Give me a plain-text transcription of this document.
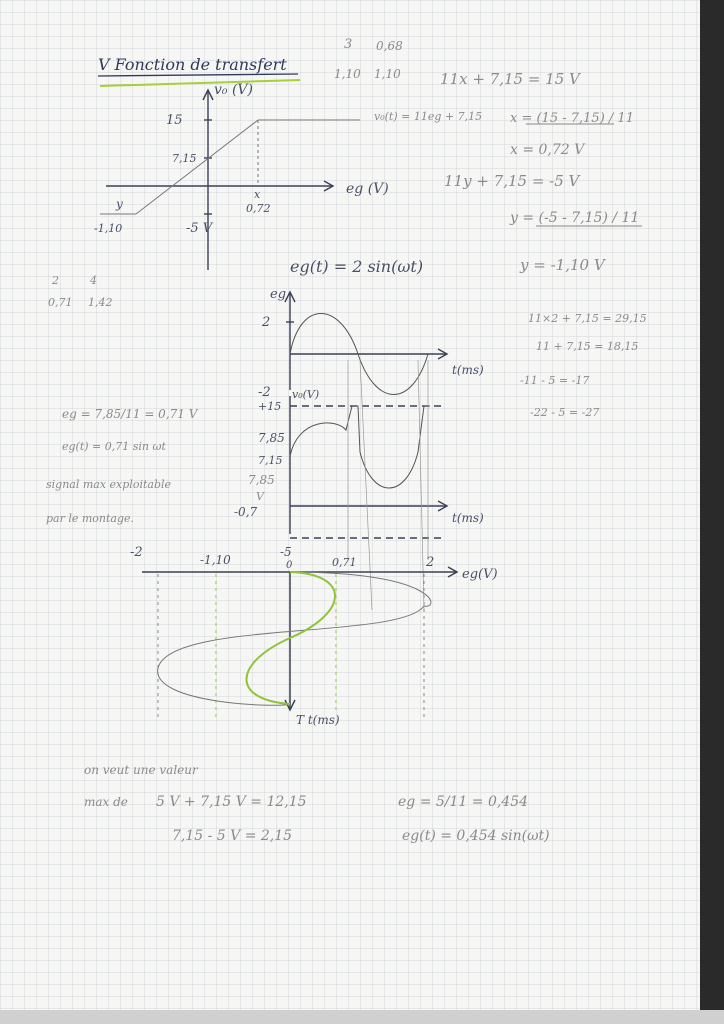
V Fonction de transfert
3 0,68
1,10 1,10
v₀ (V)
eg (V)
15
7,15
-5 V
0,72
-1,10
x
y
v₀(t) = 11eg + 7,15
11x + 7,15 = 15 V
x = (15 - 7,15) / 11
x = 0,72 V
11y + 7,15 = -5 V
y = (-5 - 7,15) / 11
y = -1,10 V
2	4
0,71 1,42
eg(t) = 2 sin(ωt)
eg
2
-2
t(ms)
11×2 + 7,15 = 29,15
11 + 7,15 = 18,15
-11 - 5 = -17
-22 - 5 = -27
v₀(V)
+15
7,85
7,15
7,85
V
-0,7	t(ms)
eg = 7,85/11 = 0,71 V
eg(t) = 0,71 sin ωt
signal max exploitable
par le montage.
-2	-1,10
-5
0	0,71	2
eg(V)
T t(ms)
on veut une valeur
max de 5 V + 7,15 V = 12,15
7,15 - 5 V = 2,15
eg = 5/11 = 0,454
eg(t) = 0,454 sin(ωt)
